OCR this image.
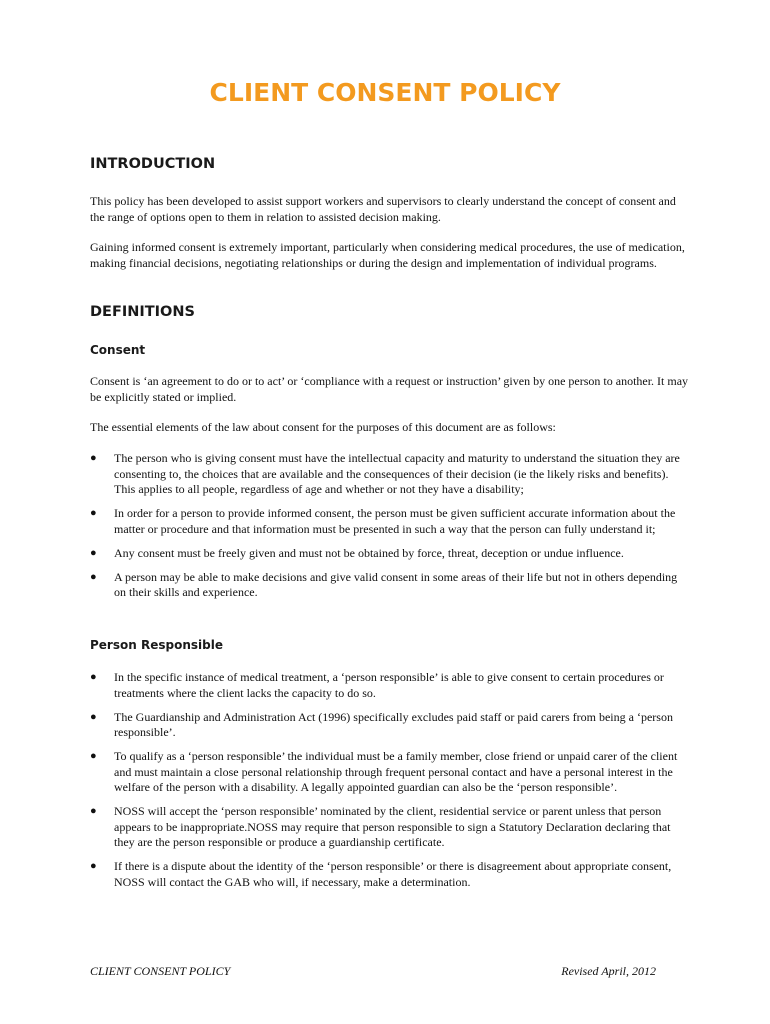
CLIENT CONSENT POLICY
INTRODUCTION

This policy has been developed to assist support workers and supervisors to clearly understand the concept of consent and the range of options open to them in relation to assisted decision making.

Gaining informed consent is extremely important, particularly when considering medical procedures, the use of medication, making financial decisions, negotiating relationships or during the design and implementation of individual programs.

DEFINITIONS
Consent

Consent is ‘an agreement to do or to act’ or ‘compliance with a request or instruction’ given by one person to another. It may be explicitly stated or implied.

The essential elements of the law about consent for the purposes of this document are as follows:

● The person who is giving consent must have the intellectual capacity and maturity to understand the situation they are consenting to, the choices that are available and the consequences of their decision (ie the likely risks and benefits). This applies to all people, regardless of age and whether or not they have a disability;
● In order for a person to provide informed consent, the person must be given sufficient accurate information about the matter or procedure and that information must be presented in such a way that the person can fully understand it;
● Any consent must be freely given and must not be obtained by force, threat, deception or undue influence.
● A person may be able to make decisions and give valid consent in some areas of their life but not in others depending on their skills and experience.
Person Responsible
● In the specific instance of medical treatment, a ‘person responsible’ is able to give consent to certain procedures or treatments where the client lacks the capacity to do so.
● The Guardianship and Administration Act (1996) specifically excludes paid staff or paid carers from being a ‘person responsible’.
● To qualify as a ‘person responsible’ the individual must be a family member, close friend or unpaid carer of the client and must maintain a close personal relationship through frequent personal contact and have a personal interest in the welfare of the person with a disability. A legally appointed guardian can also be the ‘person responsible’.
● NOSS will accept the ‘person responsible’ nominated by the client, residential service or parent unless that person appears to be inappropriate.NOSS may require that person responsible to sign a Statutory Declaration declaring that they are the person responsible or produce a guardianship certificate.
● If there is a dispute about the identity of the ‘person responsible’ or there is disagreement about appropriate consent, NOSS will contact the GAB who will, if necessary, make a determination.
CLIENT CONSENT POLICY	Revised April, 2012
